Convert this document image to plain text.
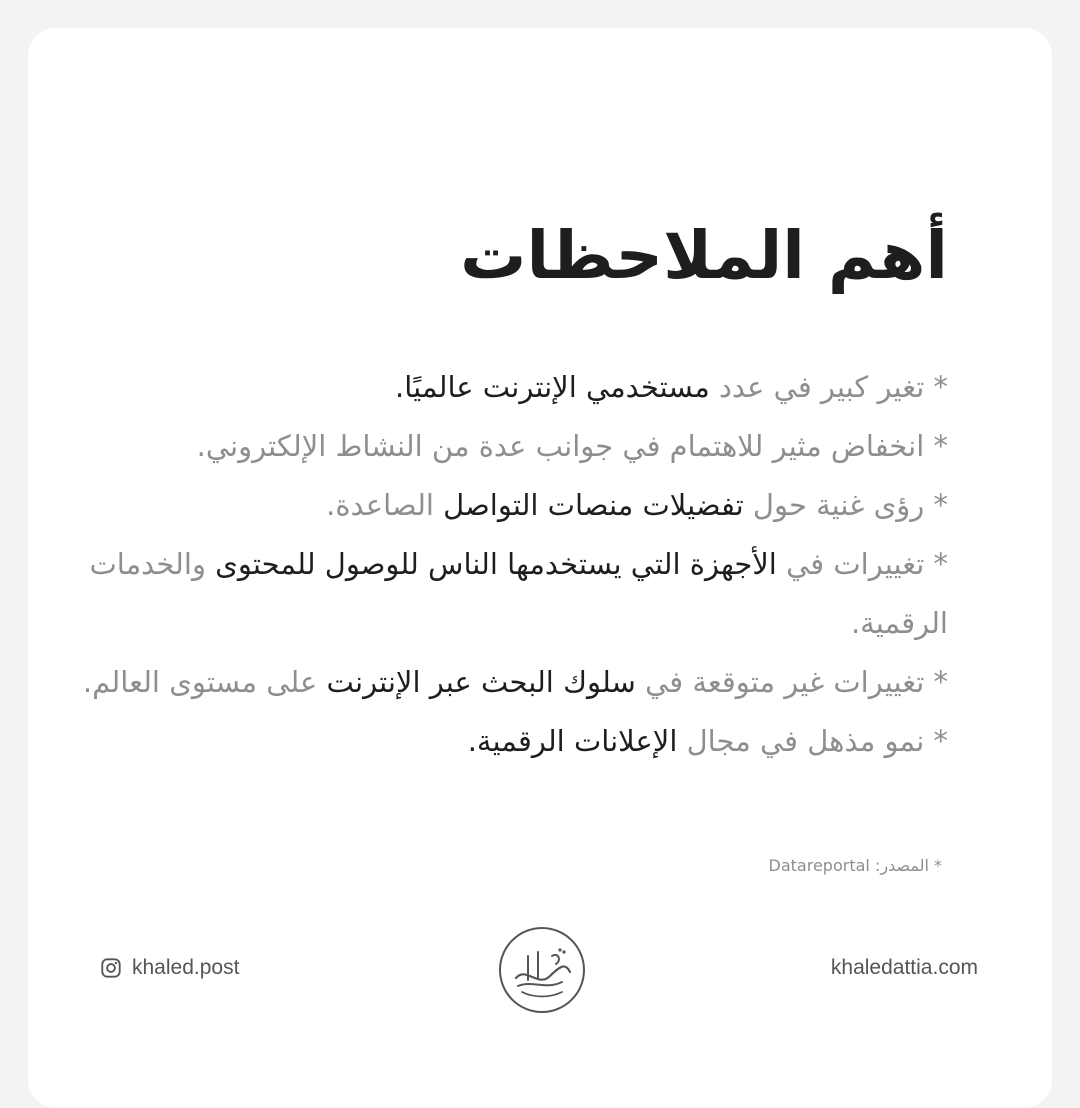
أهم الملاحظات

* تغير كبير في عدد مستخدمي الإنترنت عالميًا.

* انخفاض مثير للاهتمام في جوانب عدة من النشاط الإلكتروني.

* رؤى غنية حول تفضيلات منصات التواصل الصاعدة.

* تغييرات في الأجهزة التي يستخدمها الناس للوصول للمحتوى والخدمات الرقمية.

* تغييرات غير متوقعة في سلوك البحث عبر الإنترنت على مستوى العالم.

* نمو مذهل في مجال الإعلانات الرقمية.

* المصدر: Datareportal
khaled.post	khaledattia.com
